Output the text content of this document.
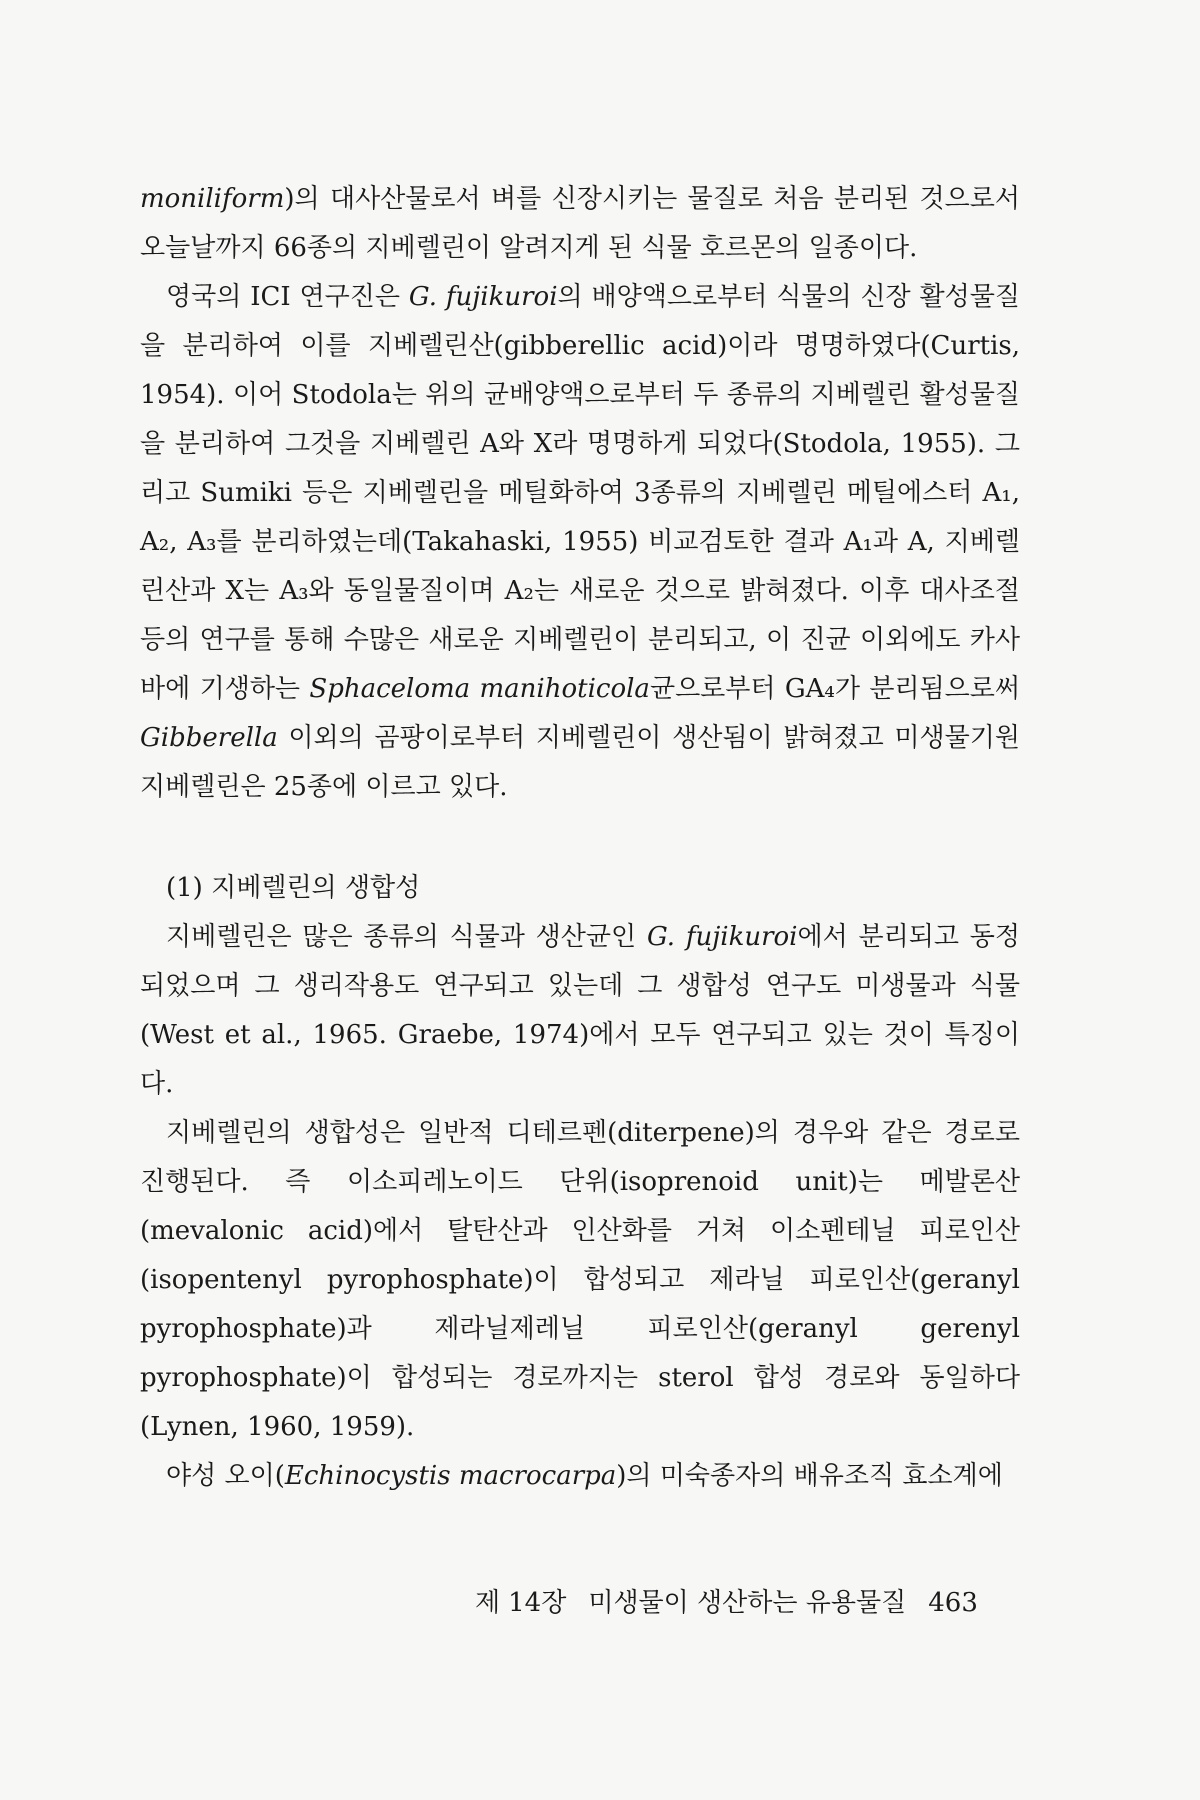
moniliform)의 대사산물로서 벼를 신장시키는 물질로 처음 분리된 것으로서 오늘날까지 66종의 지베렐린이 알려지게 된 식물 호르몬의 일종이다.

영국의 ICI 연구진은 G. fujikuroi의 배양액으로부터 식물의 신장 활성물질을 분리하여 이를 지베렐린산(gibberellic acid)이라 명명하였다(Curtis, 1954). 이어 Stodola는 위의 균배양액으로부터 두 종류의 지베렐린 활성물질을 분리하여 그것을 지베렐린 A와 X라 명명하게 되었다(Stodola, 1955). 그리고 Sumiki 등은 지베렐린을 메틸화하여 3종류의 지베렐린 메틸에스터 A₁, A₂, A₃를 분리하였는데(Takahaski, 1955) 비교검토한 결과 A₁과 A, 지베렐린산과 X는 A₃와 동일물질이며 A₂는 새로운 것으로 밝혀졌다. 이후 대사조절 등의 연구를 통해 수많은 새로운 지베렐린이 분리되고, 이 진균 이외에도 카사바에 기생하는 Sphaceloma manihoticola균으로부터 GA₄가 분리됨으로써 Gibberella 이외의 곰팡이로부터 지베렐린이 생산됨이 밝혀졌고 미생물기원 지베렐린은 25종에 이르고 있다.

(1) 지베렐린의 생합성

지베렐린은 많은 종류의 식물과 생산균인 G. fujikuroi에서 분리되고 동정되었으며 그 생리작용도 연구되고 있는데 그 생합성 연구도 미생물과 식물(West et al., 1965. Graebe, 1974)에서 모두 연구되고 있는 것이 특징이다.

지베렐린의 생합성은 일반적 디테르펜(diterpene)의 경우와 같은 경로로 진행된다. 즉 이소피레노이드 단위(isoprenoid unit)는 메발론산(mevalonic acid)에서 탈탄산과 인산화를 거쳐 이소펜테닐 피로인산(isopentenyl pyrophosphate)이 합성되고 제라닐 피로인산(geranyl pyrophosphate)과 제라닐제레닐 피로인산(geranyl gerenyl pyrophosphate)이 합성되는 경로까지는 sterol 합성 경로와 동일하다(Lynen, 1960, 1959).

야성 오이(Echinocystis macrocarpa)의 미숙종자의 배유조직 효소계에

제 14장 미생물이 생산하는 유용물질 463
